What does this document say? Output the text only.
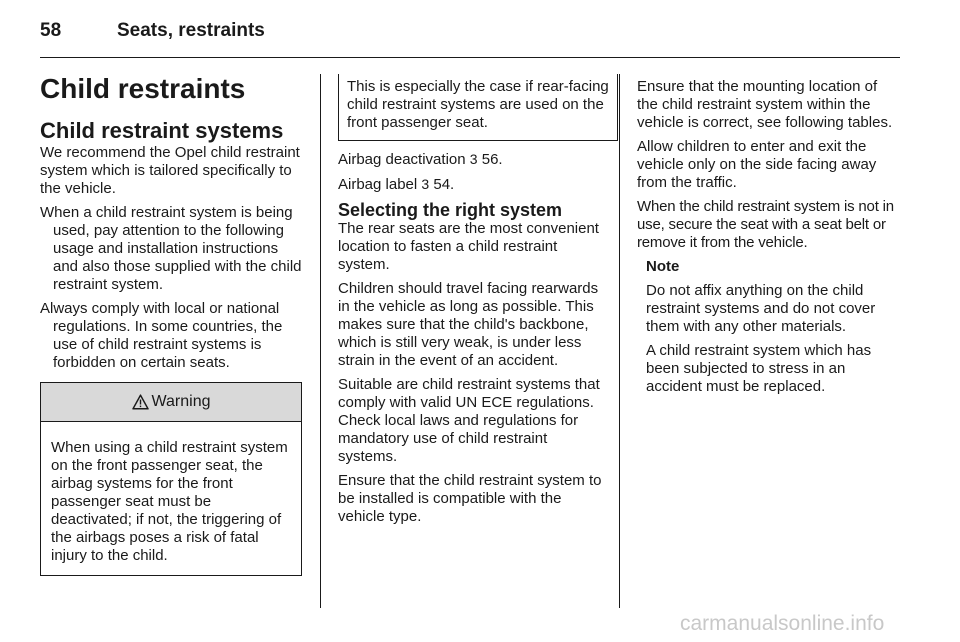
58	Seats, restraints
Child restraints
Child restraint systems

We recommend the Opel child restraint system which is tailored specifically to the vehicle.

When a child restraint system is being used, pay attention to the following usage and installation instructions and also those supplied with the child restraint system.

Always comply with local or national regulations. In some countries, the use of child restraint systems is forbidden on certain seats.

Warning

When using a child restraint system on the front passenger seat, the airbag systems for the front passenger seat must be deactivated; if not, the triggering of the airbags poses a risk of fatal injury to the child.

This is especially the case if rear-facing child restraint systems are used on the front passenger seat.

Airbag deactivation 3 56.

Airbag label 3 54.

Selecting the right system

The rear seats are the most convenient location to fasten a child restraint system.

Children should travel facing rearwards in the vehicle as long as possible. This makes sure that the child's backbone, which is still very weak, is under less strain in the event of an accident.

Suitable are child restraint systems that comply with valid UN ECE regulations. Check local laws and regulations for mandatory use of child restraint systems.

Ensure that the child restraint system to be installed is compatible with the vehicle type.

Ensure that the mounting location of the child restraint system within the vehicle is correct, see following tables.

Allow children to enter and exit the vehicle only on the side facing away from the traffic.

When the child restraint system is not in use, secure the seat with a seat belt or remove it from the vehicle.

Note

Do not affix anything on the child restraint systems and do not cover them with any other materials.

A child restraint system which has been subjected to stress in an accident must be replaced.

carmanualsonline.info
